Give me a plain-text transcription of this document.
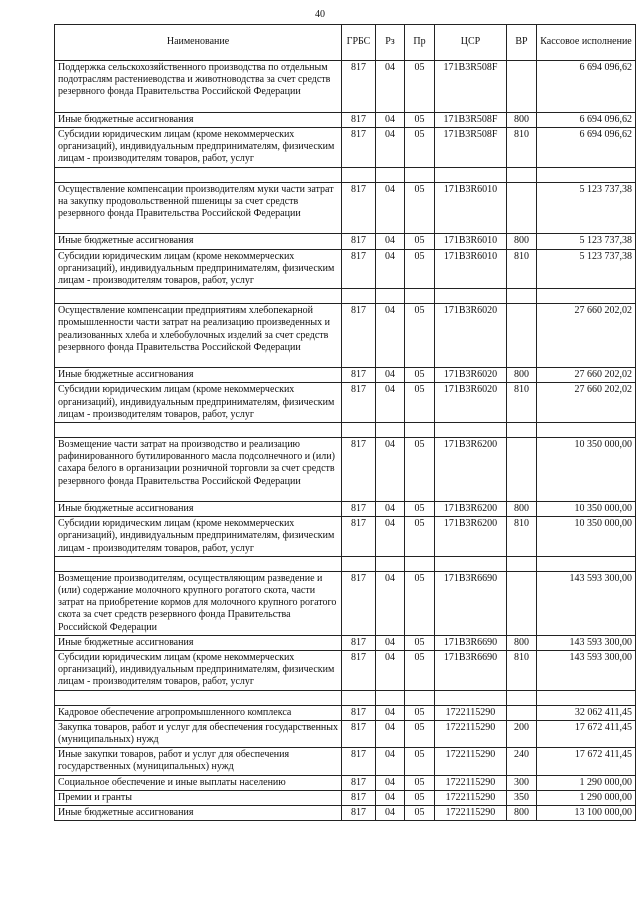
40
Наименование	ГРБС	Рз	Пр	ЦСР	ВР	Кассовое исполнение
Поддержка сельскохозяйственного производства по отдельным подотраслям растениеводства и животноводства за счет средств резервного фонда Правительства Российской Федерации	817	04	05	171B3R508F		6 694 096,62
Иные бюджетные ассигнования	817	04	05	171B3R508F	800	6 694 096,62
Субсидии юридическим лицам (кроме некоммерческих организаций), индивидуальным предпринимателям, физическим лицам - производителям товаров, работ, услуг	817	04	05	171B3R508F	810	6 694 096,62

Осуществление компенсации производителям муки части затрат на закупку продовольственной пшеницы за счет средств резервного фонда Правительства Российской Федерации	817	04	05	171B3R6010		5 123 737,38
Иные бюджетные ассигнования	817	04	05	171B3R6010	800	5 123 737,38
Субсидии юридическим лицам (кроме некоммерческих организаций), индивидуальным предпринимателям, физическим лицам - производителям товаров, работ, услуг	817	04	05	171B3R6010	810	5 123 737,38

Осуществление компенсации предприятиям хлебопекарной промышленности части затрат на реализацию произведенных и реализованных хлеба и хлебобулочных изделий за счет средств резервного фонда Правительства Российской Федерации	817	04	05	171B3R6020		27 660 202,02
Иные бюджетные ассигнования	817	04	05	171B3R6020	800	27 660 202,02
Субсидии юридическим лицам (кроме некоммерческих организаций), индивидуальным предпринимателям, физическим лицам - производителям товаров, работ, услуг	817	04	05	171B3R6020	810	27 660 202,02

Возмещение части затрат на производство и реализацию рафинированного бутилированного масла подсолнечного и (или) сахара белого в организации розничной торговли за счет средств резервного фонда Правительства Российской Федерации	817	04	05	171B3R6200		10 350 000,00
Иные бюджетные ассигнования	817	04	05	171B3R6200	800	10 350 000,00
Субсидии юридическим лицам (кроме некоммерческих организаций), индивидуальным предпринимателям, физическим лицам - производителям товаров, работ, услуг	817	04	05	171B3R6200	810	10 350 000,00

Возмещение производителям, осуществляющим разведение и (или) содержание молочного крупного рогатого скота, части затрат на приобретение кормов для молочного крупного рогатого скота за счет средств резервного фонда Правительства Российской Федерации	817	04	05	171B3R6690		143 593 300,00
Иные бюджетные ассигнования	817	04	05	171B3R6690	800	143 593 300,00
Субсидии юридическим лицам (кроме некоммерческих организаций), индивидуальным предпринимателям, физическим лицам - производителям товаров, работ, услуг	817	04	05	171B3R6690	810	143 593 300,00

Кадровое обеспечение агропромышленного комплекса	817	04	05	1722115290		32 062 411,45
Закупка товаров, работ и услуг для обеспечения государственных (муниципальных) нужд	817	04	05	1722115290	200	17 672 411,45
Иные закупки товаров, работ и услуг для обеспечения государственных (муниципальных) нужд	817	04	05	1722115290	240	17 672 411,45
Социальное обеспечение и иные выплаты населению	817	04	05	1722115290	300	1 290 000,00
Премии и гранты	817	04	05	1722115290	350	1 290 000,00
Иные бюджетные ассигнования	817	04	05	1722115290	800	13 100 000,00
